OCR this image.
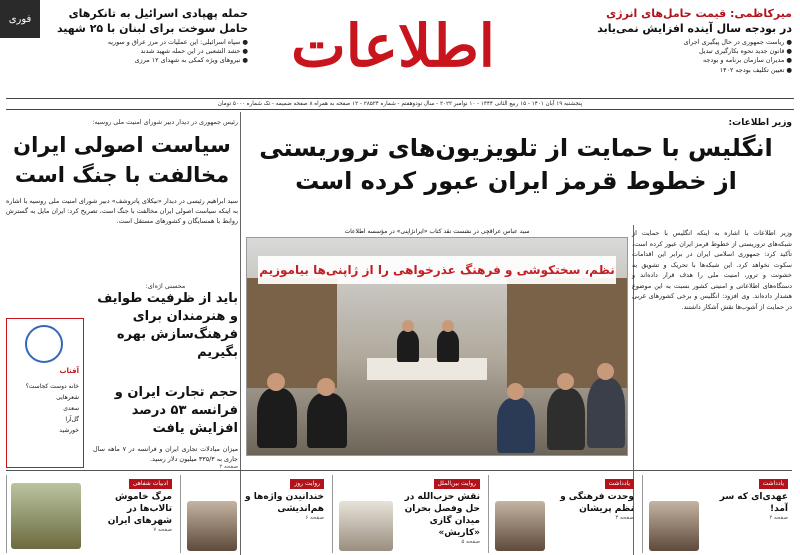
میرکاظمی: قیمت حامل‌های انرژی
در بودجه سال آینده افزایش نمی‌یابد
● ریاست جمهوری در حال پیگیری اجرای
● قانون جدید نحوه بکارگیری تبدیل
● مدیران سازمان برنامه و بودجه
● تعیین تکلیف بودجه ۱۴۰۲
اطلاعات
حمله پهپادی اسرائیل به تانکرهای
حامل سوخت برای لبنان با ۲۵ شهید
● سپاه اسرائیلی: این عملیات در مرز عراق و سوریه
● حشد الشعبی در این حمله شهید شدند
● نیروهای ویژه کمکی به شهدای ۱۲ مرزی
فوری
پنجشنبه ۱۹ آبان ۱۴۰۱ - ۱۵ ربیع الثانی ۱۴۴۴ - ۱۰ نوامبر ۲۰۲۲ - سال نودوهفتم - شماره ۲۸۵۲۴ - ۱۲ صفحه به همراه ۸ صفحه ضمیمه - تک شماره ۵۰۰۰ تومان
وزیر اطلاعات:
انگلیس با حمایت از تلویزیون‌های تروریستی
از خطوط قرمز ایران عبور کرده است
سید عباس عراقچی در نشست نقد کتاب «ایرانژاپنی» در مؤسسه اطلاعات
نظم، سختکوشی و فرهنگ عذرخواهی را از ژاپنی‌ها بیاموزیم
وزیر اطلاعات با اشاره به اینکه انگلیس با حمایت از شبکه‌های تروریستی از خطوط قرمز ایران عبور کرده است، تأکید کرد: جمهوری اسلامی ایران در برابر این اقدامات سکوت نخواهد کرد. این شبکه‌ها با تحریک و تشویق به خشونت و ترور، امنیت ملی را هدف قرار داده‌اند و دستگاه‌های اطلاعاتی و امنیتی کشور نسبت به این موضوع هشدار داده‌اند. وی افزود: انگلیس و برخی کشورهای غربی در حمایت از آشوب‌ها نقش آشکار داشتند.
رئیس جمهوری در دیدار دبیر شورای امنیت ملی روسیه:
سیاست اصولی ایران مخالفت با جنگ است
سید ابراهیم رئیسی در دیدار «نیکلای پاتروشف» دبیر شورای امنیت ملی روسیه با اشاره به اینکه سیاست اصولی ایران مخالفت با جنگ است، تصریح کرد: ایران مایل به گسترش روابط با همسایگان و کشورهای مستقل است.
محسنی اژه‌ای:
باید از ظرفیت طوایف و هنرمندان برای فرهنگ‌سازش بهره بگیریم
حجم تجارت ایران و فرانسه ۵۳ درصد افزایش یافت
میزان مبادلات تجاری ایران و فرانسه در ۷ ماهه سال جاری به ۳۳۵/۳ میلیون دلار رسید.
صفحه ۲
آفتاب
خانه دوست کجاست؟
شعرهایی
سعدی
گل‌آرا
خورشید
یادداشت
عهدی‌ای که سر آمد!
صفحه ۲
یادداشت
وحدت فرهنگی و نظم پریشان
صفحه ۳
روایت بین‌الملل
نقش حزب‌الله در حل وفصل بحران میدان گازی «کاریش»
صفحه ۵
روایت روز
خندانیدن واژه‌ها و هم‌اندیشی
صفحه ۶
ادبیات شفاهی
مرگ خاموش تالاب‌ها در شهرهای ایران
صفحه ۷
